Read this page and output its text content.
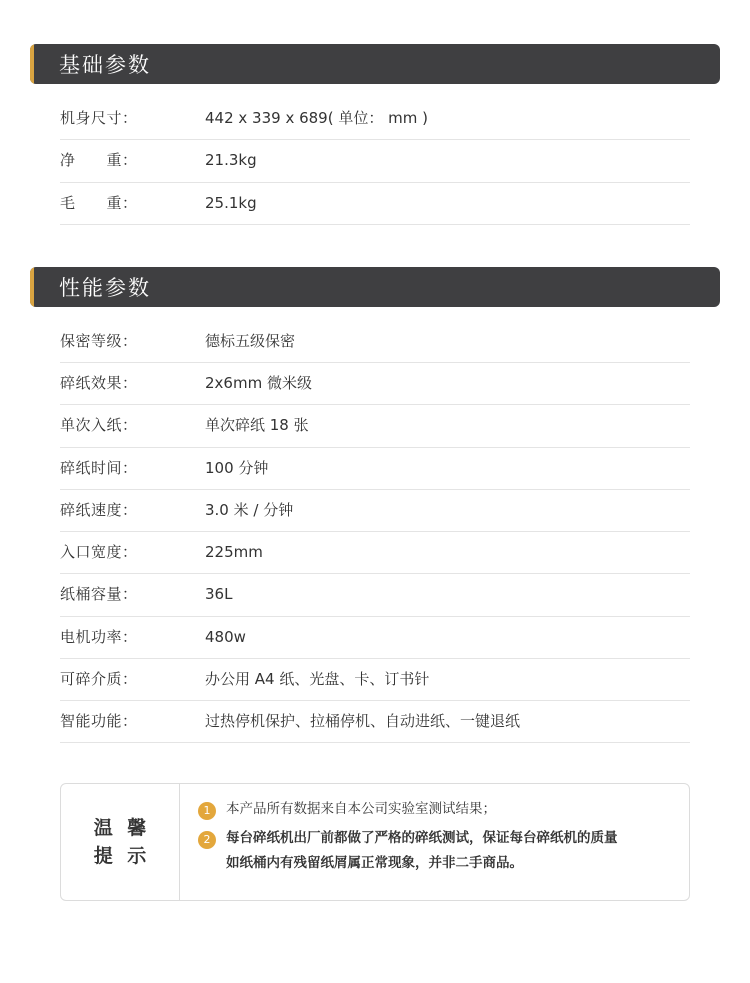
基础参数
机身尺寸：	442 x 339 x 689( 单位： mm )
净　　重：	21.3kg
毛　　重：	25.1kg
性能参数
保密等级：	德标五级保密
碎纸效果：	2x6mm 微米级
单次入纸：	单次碎纸 18 张
碎纸时间：	100 分钟
碎纸速度：	3.0 米 / 分钟
入口宽度：	225mm
纸桶容量：	36L
电机功率：	480w
可碎介质：	办公用 A4 纸、光盘、卡、订书针
智能功能：	过热停机保护、拉桶停机、自动进纸、一键退纸
温 馨
提 示
1	本产品所有数据来自本公司实验室测试结果；
2	每台碎纸机出厂前都做了严格的碎纸测试，保证每台碎纸机的质量
如纸桶内有残留纸屑属正常现象，并非二手商品。
